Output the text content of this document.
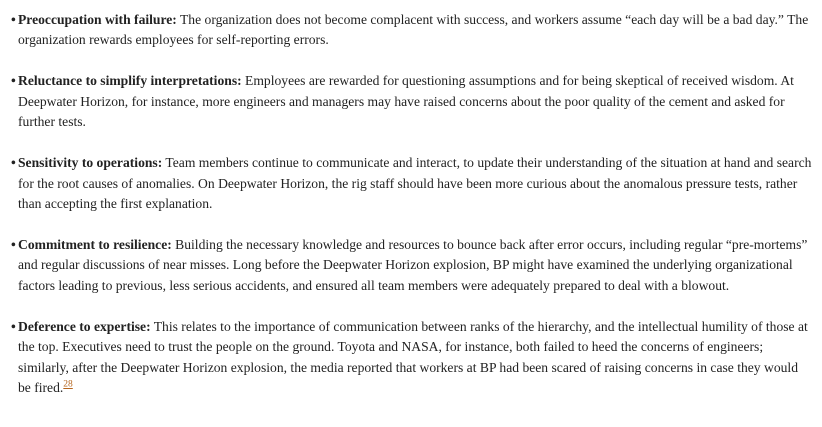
• Preoccupation with failure: The organization does not become complacent with success, and workers assume “each day will be a bad day.” The organization rewards employees for self-reporting errors.
• Reluctance to simplify interpretations: Employees are rewarded for questioning assumptions and for being skeptical of received wisdom. At Deepwater Horizon, for instance, more engineers and managers may have raised concerns about the poor quality of the cement and asked for further tests.
• Sensitivity to operations: Team members continue to communicate and interact, to update their understanding of the situation at hand and search for the root causes of anomalies. On Deepwater Horizon, the rig staff should have been more curious about the anomalous pressure tests, rather than accepting the first explanation.
• Commitment to resilience: Building the necessary knowledge and resources to bounce back after error occurs, including regular “pre-mortems” and regular discussions of near misses. Long before the Deepwater Horizon explosion, BP might have examined the underlying organizational factors leading to previous, less serious accidents, and ensured all team members were adequately prepared to deal with a blowout.
• Deference to expertise: This relates to the importance of communication between ranks of the hierarchy, and the intellectual humility of those at the top. Executives need to trust the people on the ground. Toyota and NASA, for instance, both failed to heed the concerns of engineers; similarly, after the Deepwater Horizon explosion, the media reported that workers at BP had been scared of raising concerns in case they would be fired.$^{28}$
